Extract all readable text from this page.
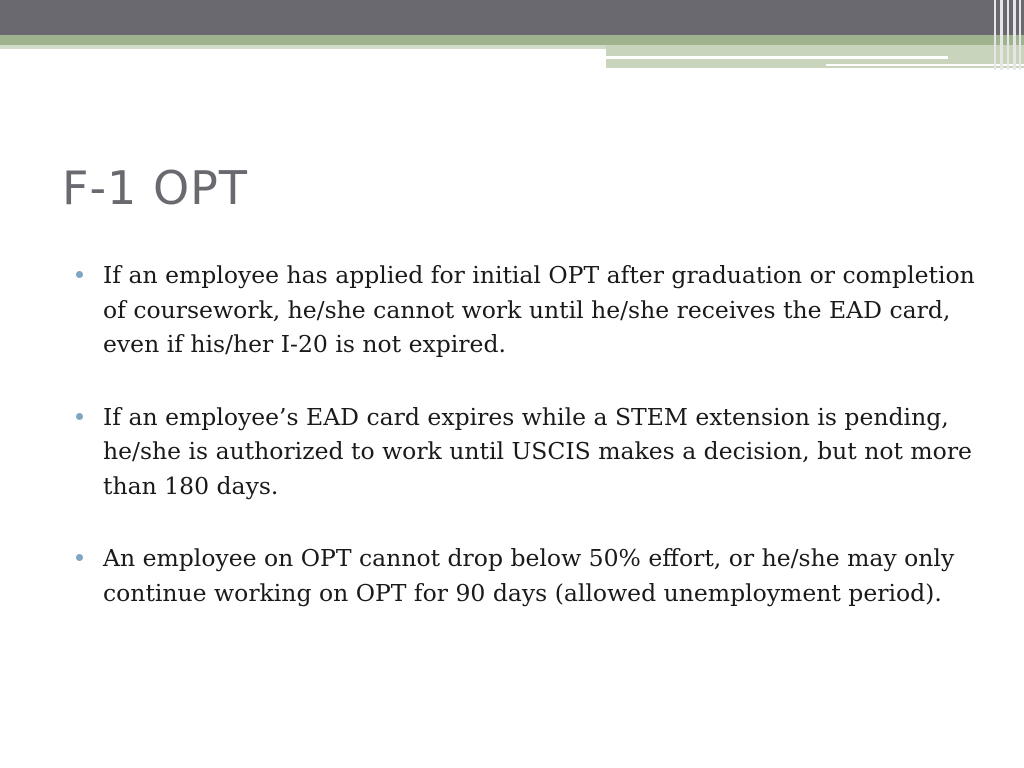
F-1 OPT
If an employee has applied for initial OPT after graduation or completion of coursework, he/she cannot work until he/she receives the EAD card, even if his/her I-20 is not expired.
If an employee’s EAD card expires while a STEM extension is pending, he/she is authorized to work until USCIS makes a decision, but not more than 180 days.
An employee on OPT cannot drop below 50% effort, or he/she may only continue working on OPT for 90 days (allowed unemployment period).
